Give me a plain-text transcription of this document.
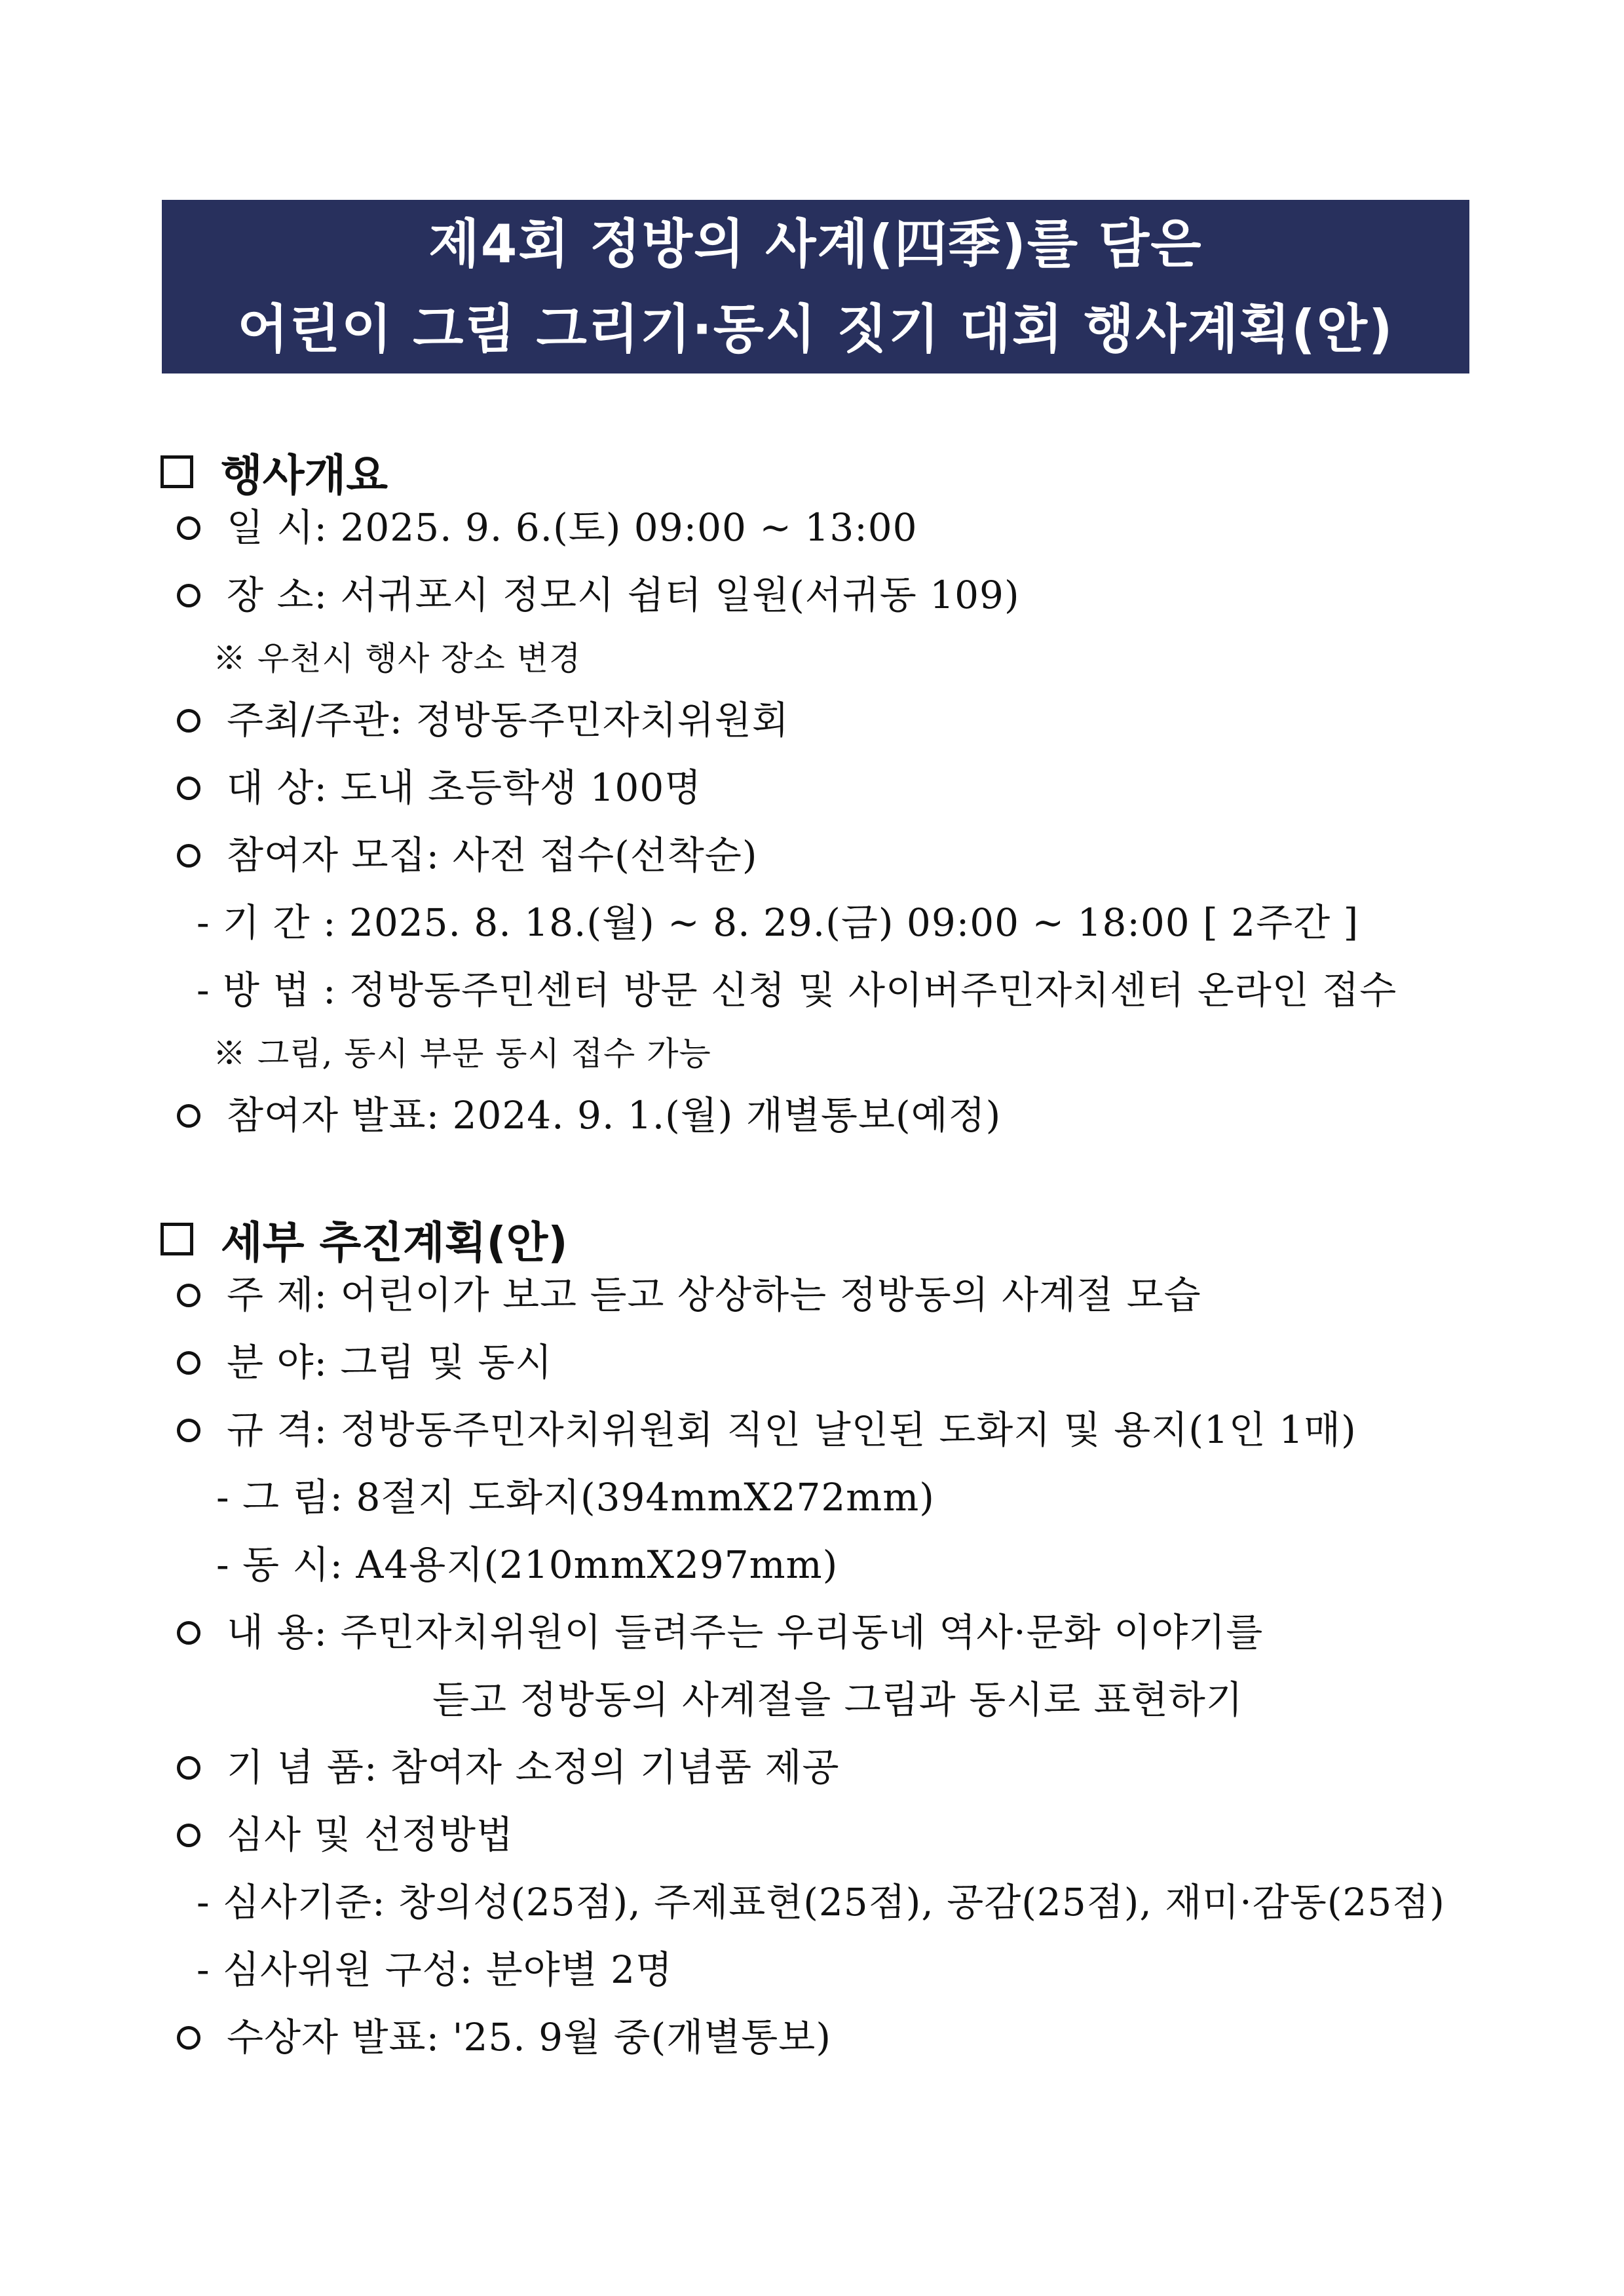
제4회 정방의 사계(四季)를 담은
어린이 그림 그리기·동시 짓기 대회 행사계획(안)
행사개요
일 시: 2025. 9. 6.(토) 09:00 ~ 13:00
장 소: 서귀포시 정모시 쉼터 일원(서귀동 109)
※ 우천시 행사 장소 변경
주최/주관: 정방동주민자치위원회
대 상: 도내 초등학생 100명
참여자 모집: 사전 접수(선착순)
- 기 간 : 2025. 8. 18.(월) ~ 8. 29.(금) 09:00 ~ 18:00 [ 2주간 ]
- 방 법 : 정방동주민센터 방문 신청 및 사이버주민자치센터 온라인 접수
※ 그림, 동시 부문 동시 접수 가능
참여자 발표: 2024. 9. 1.(월) 개별통보(예정)
세부 추진계획(안)
주 제: 어린이가 보고 듣고 상상하는 정방동의 사계절 모습
분 야: 그림 및 동시
규 격: 정방동주민자치위원회 직인 날인된 도화지 및 용지(1인 1매)
- 그 림: 8절지 도화지(394mmX272mm)
- 동 시: A4용지(210mmX297mm)
내 용: 주민자치위원이 들려주는 우리동네 역사·문화 이야기를
듣고 정방동의 사계절을 그림과 동시로 표현하기
기 념 품: 참여자 소정의 기념품 제공
심사 및 선정방법
- 심사기준: 창의성(25점), 주제표현(25점), 공감(25점), 재미·감동(25점)
- 심사위원 구성: 분야별 2명
수상자 발표: '25. 9월 중(개별통보)
